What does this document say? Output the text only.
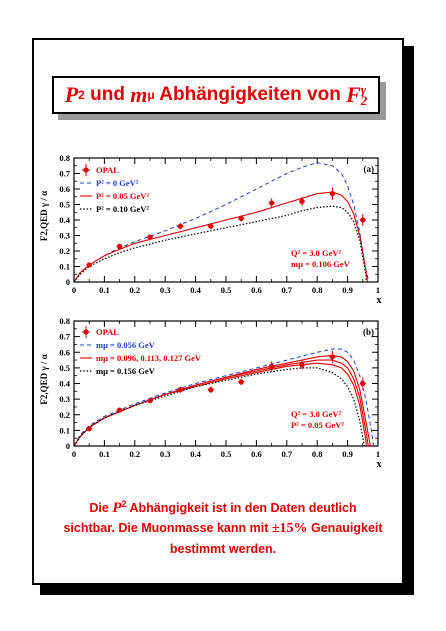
P 2 und m μ Abhängigkeiten von F γ
2
0	0.1 0.2 0.3 0.4 0.5 0.6 0.7 0.8 0.9	1
0
0.1
0.2
0.3
0.4
0.5
0.6
0.7
0.8
x
F2,QED γ / α
(a)
OPAL
P² = 0 GeV²
P² = 0.05 GeV²
P² = 0.10 GeV²
Q² = 3.0 GeV²
mμ = 0.106 GeV
0	0.1 0.2 0.3 0.4 0.5 0.6 0.7 0.8 0.9	1
0
0.1
0.2
0.3
0.4
0.5
0.6
0.7
0.8
x
F2,QED γ / α
(b)
OPAL
mμ = 0.056 GeV
mμ = 0.096, 0.113, 0.127 GeV
mμ = 0.156 GeV
Q² = 3.0 GeV²
P² = 0.05 GeV²
Die $P^2$ Abhängigkeit ist in den Daten deutlich
sichtbar. Die Muonmasse kann mit ±15% Genauigkeit
bestimmt werden.
